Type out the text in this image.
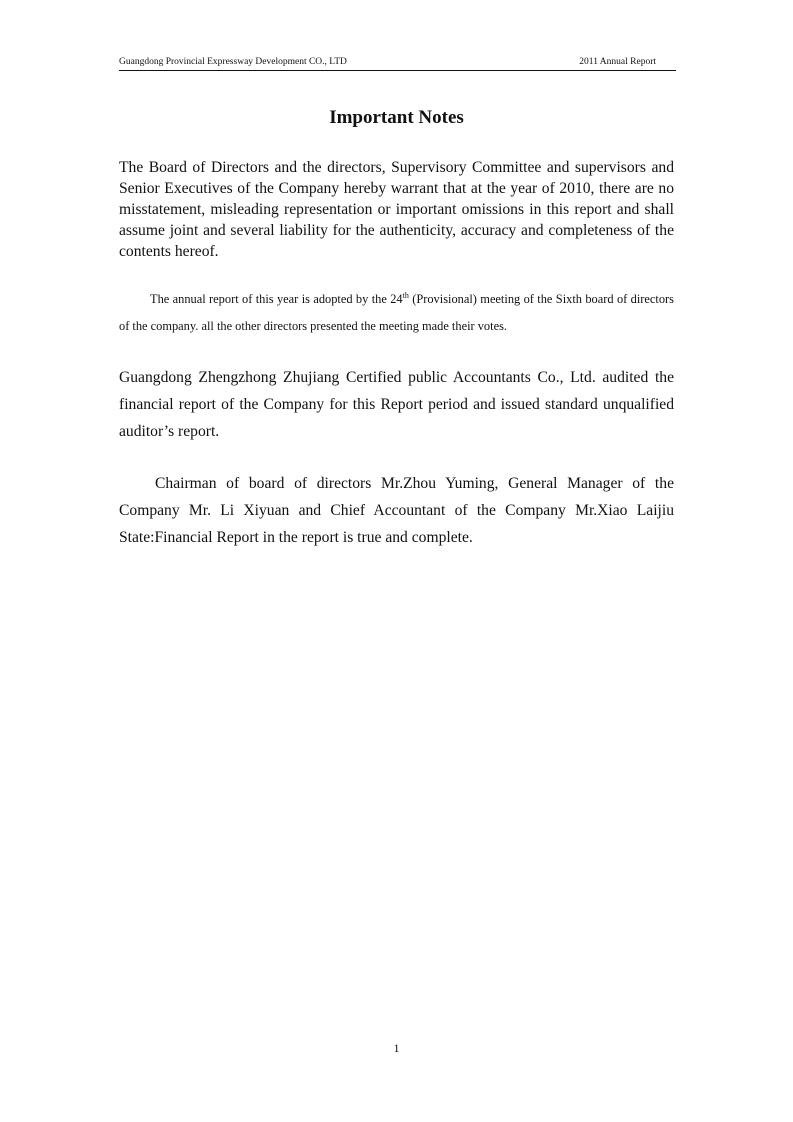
Guangdong Provincial Expressway Development CO., LTD	2011 Annual Report
Important Notes

The Board of Directors and the directors, Supervisory Committee and supervisors and Senior Executives of the Company hereby warrant that at the year of 2010, there are no misstatement, misleading representation or important omissions in this report and shall assume joint and several liability for the authenticity, accuracy and completeness of the contents hereof.

The annual report of this year is adopted by the 24th (Provisional) meeting of the Sixth board of directors of the company. all the other directors presented the meeting made their votes.

Guangdong Zhengzhong Zhujiang Certified public Accountants Co., Ltd. audited the financial report of the Company for this Report period and issued standard unqualified auditor’s report.

Chairman of board of directors Mr.Zhou Yuming, General Manager of the Company Mr. Li Xiyuan and Chief Accountant of the Company Mr.Xiao Laijiu State:Financial Report in the report is true and complete.

1
